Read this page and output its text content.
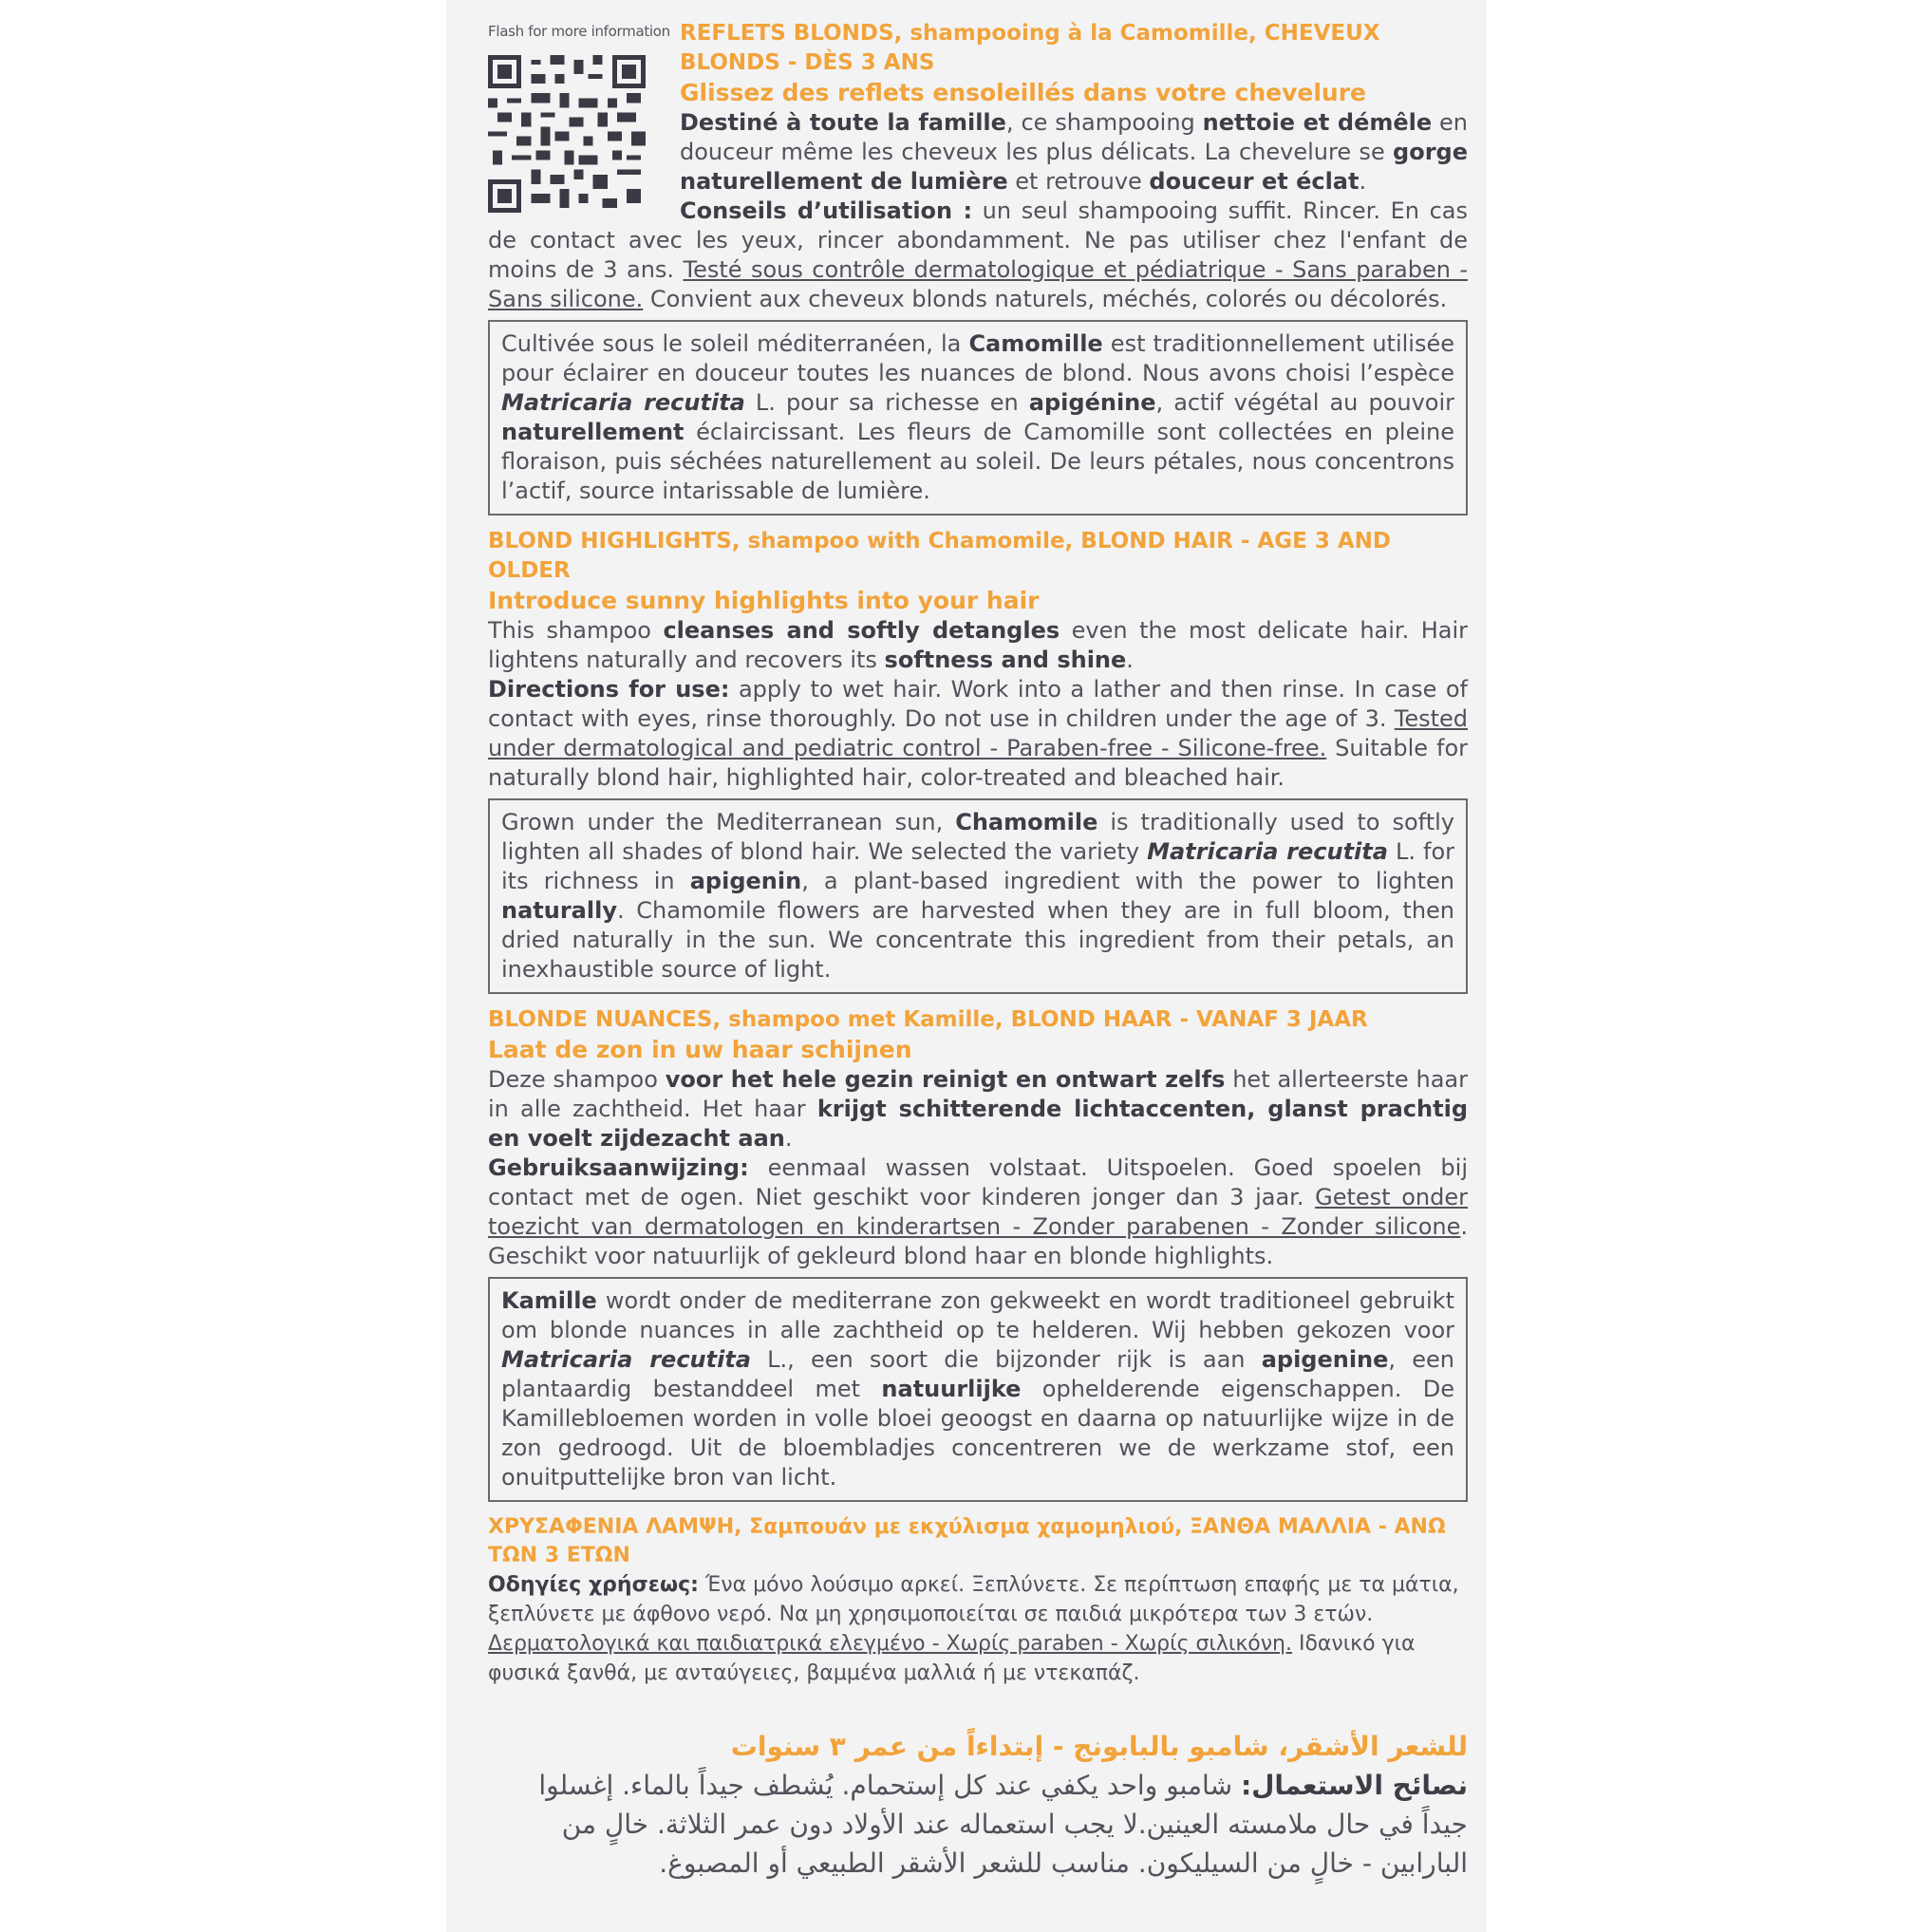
Flash for more information REFLETS BLONDS, shampooing à la Camomille, CHEVEUX BLONDS - DÈS 3 ANS
Glissez des reflets ensoleillés dans votre chevelure
Destiné à toute la famille, ce shampooing nettoie et démêle en douceur même les cheveux les plus délicats. La chevelure se gorge naturellement de lumière et retrouve douceur et éclat.
Conseils d’utilisation : un seul shampooing suffit. Rincer. En cas de contact avec les yeux, rincer abondamment. Ne pas utiliser chez l'enfant de moins de 3 ans. Testé sous contrôle dermatologique et pédiatrique - Sans paraben - Sans silicone. Convient aux cheveux blonds naturels, méchés, colorés ou décolorés.
Cultivée sous le soleil méditerranéen, la Camomille est traditionnellement utilisée pour éclairer en douceur toutes les nuances de blond. Nous avons choisi l’espèce Matricaria recutita L. pour sa richesse en apigénine, actif végétal au pouvoir naturellement éclaircissant. Les fleurs de Camomille sont collectées en pleine floraison, puis séchées naturellement au soleil. De leurs pétales, nous concentrons l’actif, source intarissable de lumière.
BLOND HIGHLIGHTS, shampoo with Chamomile, BLOND HAIR - AGE 3 AND OLDER
Introduce sunny highlights into your hair
This shampoo cleanses and softly detangles even the most delicate hair. Hair lightens naturally and recovers its softness and shine.
Directions for use: apply to wet hair. Work into a lather and then rinse. In case of contact with eyes, rinse thoroughly. Do not use in children under the age of 3. Tested under dermatological and pediatric control - Paraben-free - Silicone-free. Suitable for naturally blond hair, highlighted hair, color-treated and bleached hair.
Grown under the Mediterranean sun, Chamomile is traditionally used to softly lighten all shades of blond hair. We selected the variety Matricaria recutita L. for its richness in apigenin, a plant-based ingredient with the power to lighten naturally. Chamomile flowers are harvested when they are in full bloom, then dried naturally in the sun. We concentrate this ingredient from their petals, an inexhaustible source of light.
BLONDE NUANCES, shampoo met Kamille, BLOND HAAR - VANAF 3 JAAR
Laat de zon in uw haar schijnen
Deze shampoo voor het hele gezin reinigt en ontwart zelfs het allerteerste haar in alle zachtheid. Het haar krijgt schitterende lichtaccenten, glanst prachtig en voelt zijdezacht aan.
Gebruiksaanwijzing: eenmaal wassen volstaat. Uitspoelen. Goed spoelen bij contact met de ogen. Niet geschikt voor kinderen jonger dan 3 jaar. Getest onder toezicht van dermatologen en kinderartsen - Zonder parabenen - Zonder silicone. Geschikt voor natuurlijk of gekleurd blond haar en blonde highlights.
Kamille wordt onder de mediterrane zon gekweekt en wordt traditioneel gebruikt om blonde nuances in alle zachtheid op te helderen. Wij hebben gekozen voor Matricaria recutita L., een soort die bijzonder rijk is aan apigenine, een plantaardig bestanddeel met natuurlijke ophelderende eigenschappen. De Kamillebloemen worden in volle bloei geoogst en daarna op natuurlijke wijze in de zon gedroogd. Uit de bloembladjes concentreren we de werkzame stof, een onuitputtelijke bron van licht.
ΧΡΥΣΑΦΕΝΙΑ ΛΑΜΨΗ, Σαμπουάν με εκχύλισμα χαμομηλιού, ΞΑΝΘΑ ΜΑΛΛΙΑ - ΑΝΩ ΤΩΝ 3 ΕΤΩΝ
Οδηγίες χρήσεως: Ένα μόνο λούσιμο αρκεί. Ξεπλύνετε. Σε περίπτωση επαφής με τα μάτια, ξεπλύνετε με άφθονο νερό. Να μη χρησιμοποιείται σε παιδιά μικρότερα των 3 ετών.
Δερματολογικά και παιδιατρικά ελεγμένο - Χωρίς paraben - Χωρίς σιλικόνη. Ιδανικό για φυσικά ξανθά, με ανταύγειες, βαμμένα μαλλιά ή με ντεκαπάζ.
للشعر الأشقر، شامبو بالبابونج - إبتداءاً من عمر ٣ سنوات
نصائح الاستعمال: شامبو واحد يكفي عند كل إستحمام. يُشطف جيداً بالماء. إغسلوا جيداً في حال ملامسته العينين.لا يجب استعماله عند الأولاد دون عمر الثلاثة. خالٍ من البارابين - خالٍ من السيليكون. مناسب للشعر الأشقر الطبيعي أو المصبوغ.
